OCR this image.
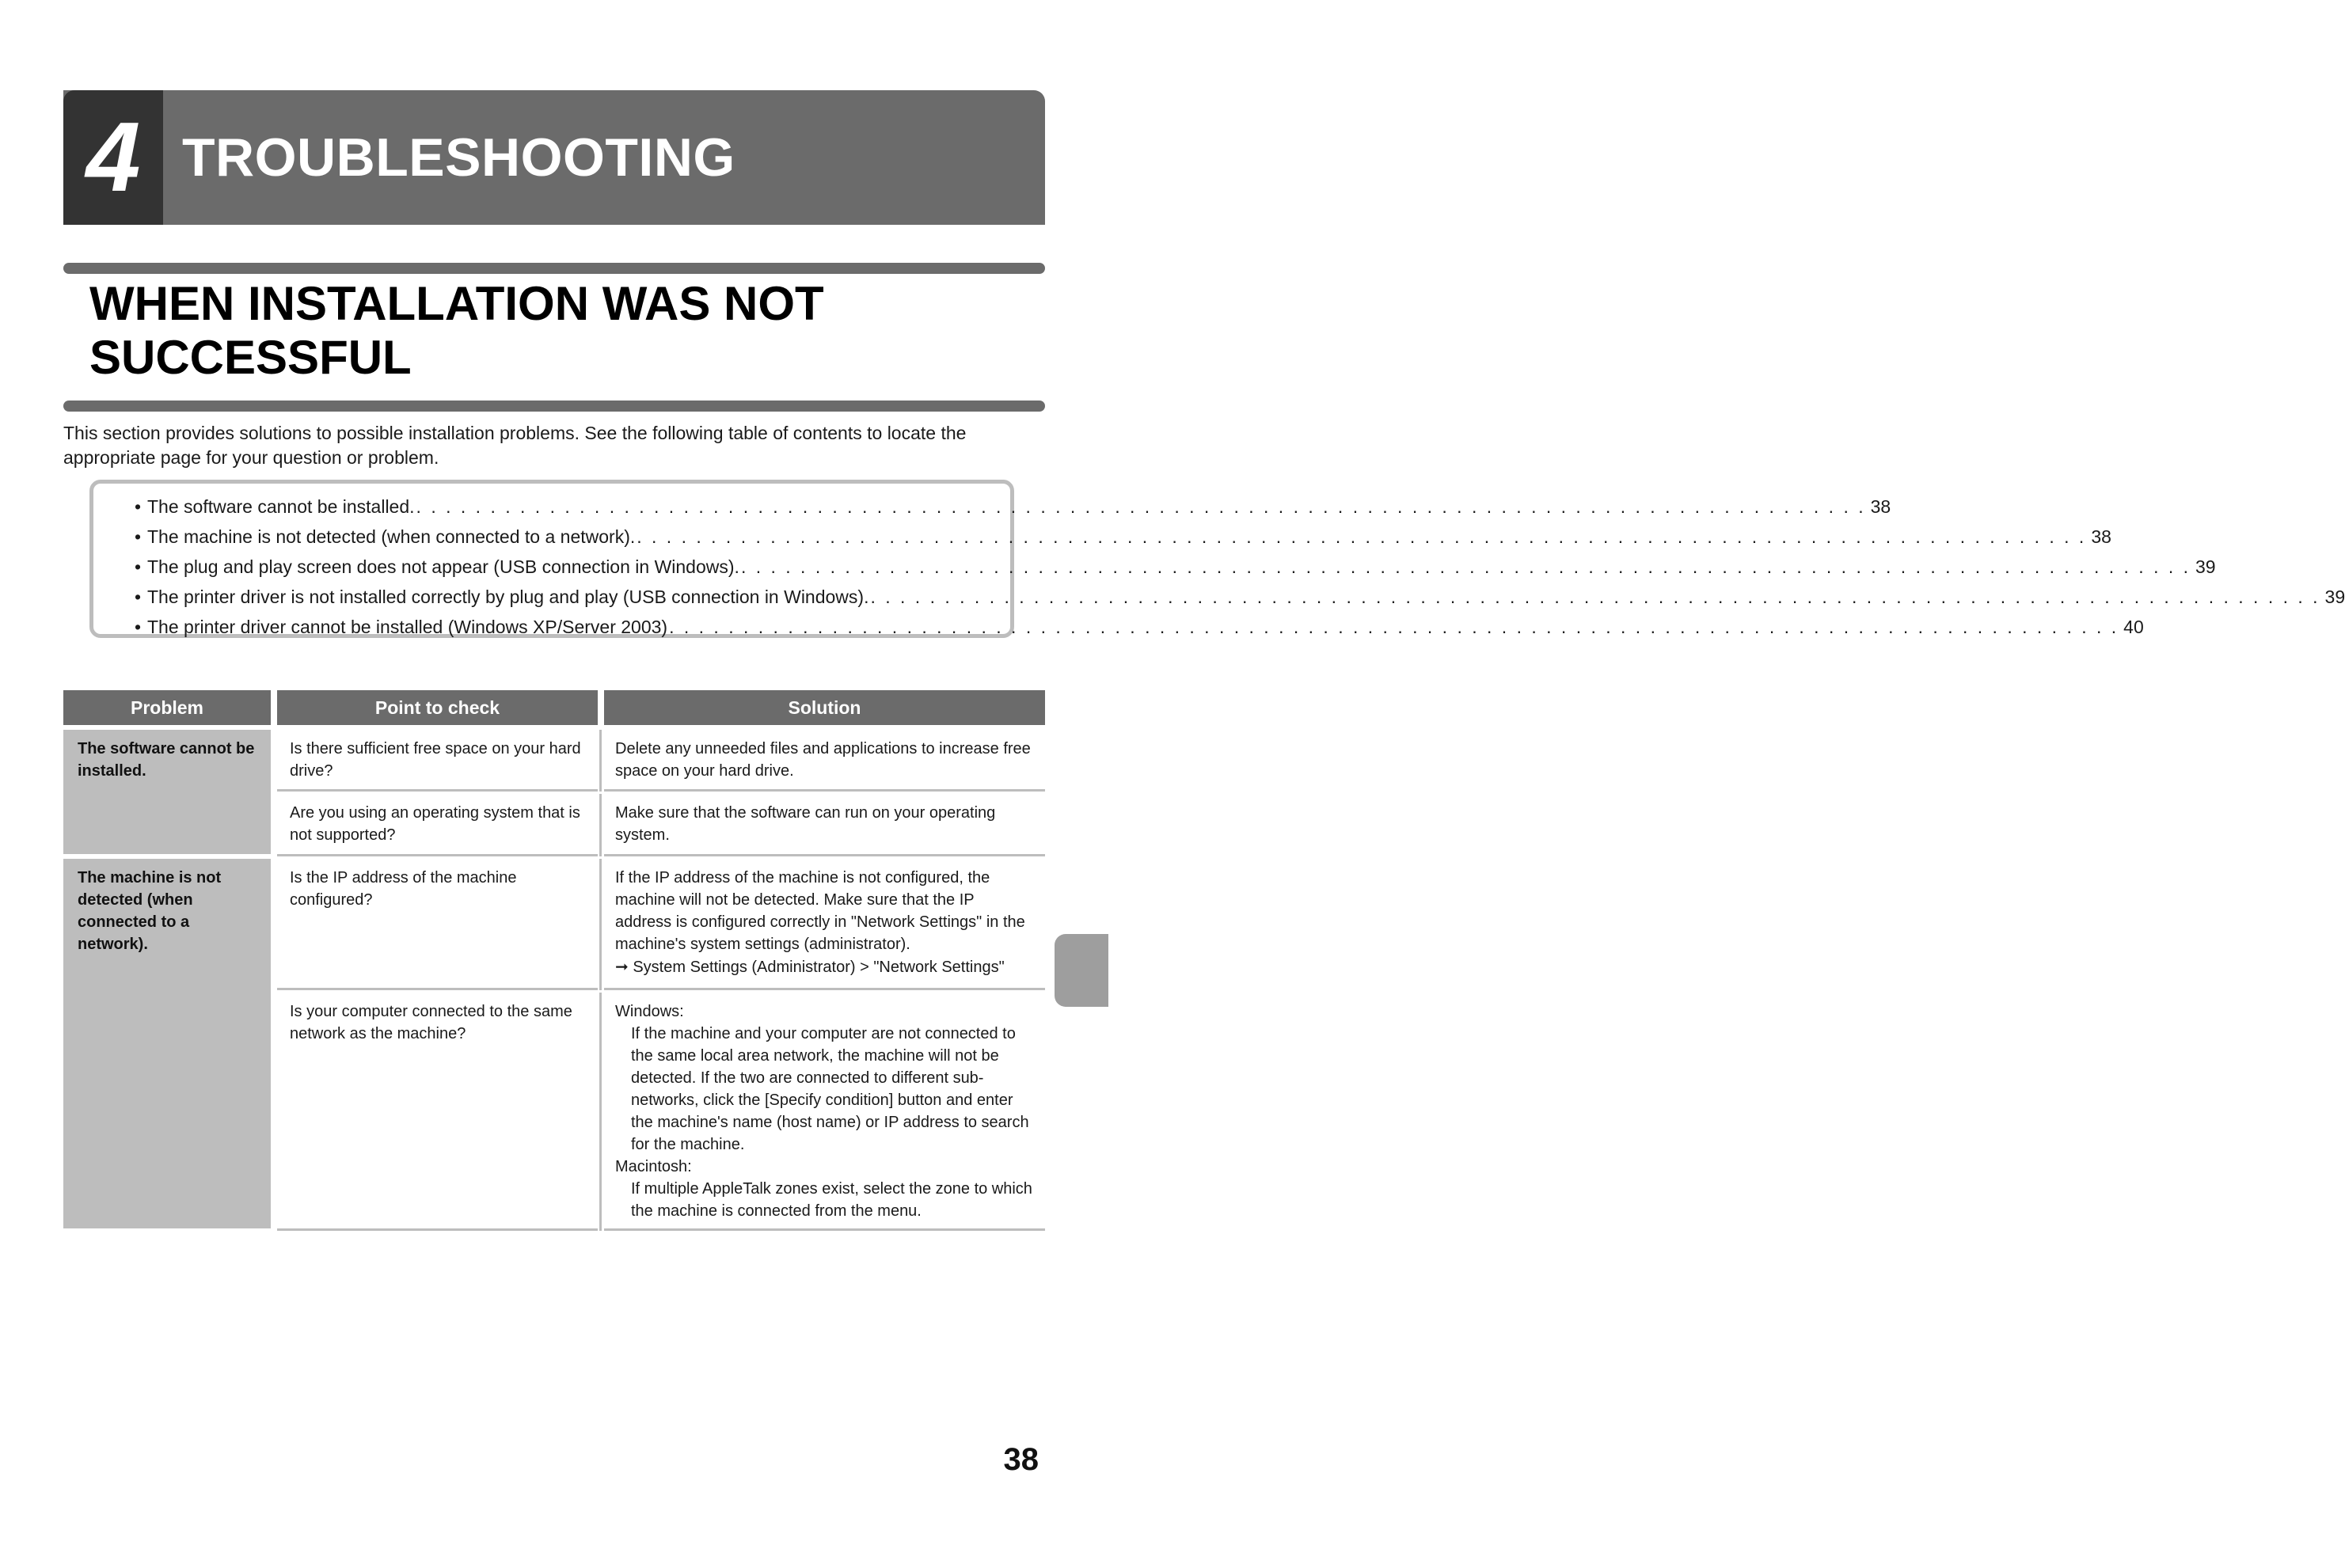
4 TROUBLESHOOTING
WHEN INSTALLATION WAS NOT
SUCCESSFUL

This section provides solutions to possible installation problems. See the following table of contents to locate the appropriate page for your question or problem.

• The software cannot be installed. . . . . . . . . . . . . . . . . . . . . . . . . . . . . . . . . . . . . . . . . . . . . . . . . . . . . . . . . . . . . . . . . . . . . . . . . . . . . . . . . . . . . . . . . . . . . . . . . . . 38
• The machine is not detected (when connected to a network). . . . . . . . . . . . . . . . . . . . . . . . . . . . . . . . . . . . . . . . . . . . . . . . . . . . . . . . . . . . . . . . . . . . . . . . . . . . . . . . . . . . . . . . . . . . . . . . . . . 38
• The plug and play screen does not appear (USB connection in Windows). . . . . . . . . . . . . . . . . . . . . . . . . . . . . . . . . . . . . . . . . . . . . . . . . . . . . . . . . . . . . . . . . . . . . . . . . . . . . . . . . . . . . . . . . . . . . . . . . . . 39
• The printer driver is not installed correctly by plug and play (USB connection in Windows). . . . . . . . . . . . . . . . . . . . . . . . . . . . . . . . . . . . . . . . . . . . . . . . . . . . . . . . . . . . . . . . . . . . . . . . . . . . . . . . . . . . . . . . . . . . . . . . . . . 39
• The printer driver cannot be installed (Windows XP/Server 2003) . . . . . . . . . . . . . . . . . . . . . . . . . . . . . . . . . . . . . . . . . . . . . . . . . . . . . . . . . . . . . . . . . . . . . . . . . . . . . . . . . . . . . . . . . . . . . . . . . . 40
Problem	Point to check	Solution
The software cannot be installed.
Is there sufficient free space on your hard drive?
Delete any unneeded files and applications to increase free space on your hard drive.
Are you using an operating system that is not supported?
Make sure that the software can run on your operating system.
The machine is not detected (when connected to a network).
Is the IP address of the machine configured?
If the IP address of the machine is not configured, the machine will not be detected. Make sure that the IP address is configured correctly in "Network Settings" in the machine's system settings (administrator).
➞ System Settings (Administrator) > "Network Settings"
Is your computer connected to the same network as the machine?
Windows:
If the machine and your computer are not connected to the same local area network, the machine will not be detected. If the two are connected to different sub-networks, click the [Specify condition] button and enter the machine's name (host name) or IP address to search for the machine.
Macintosh:
If multiple AppleTalk zones exist, select the zone to which the machine is connected from the menu.
38
